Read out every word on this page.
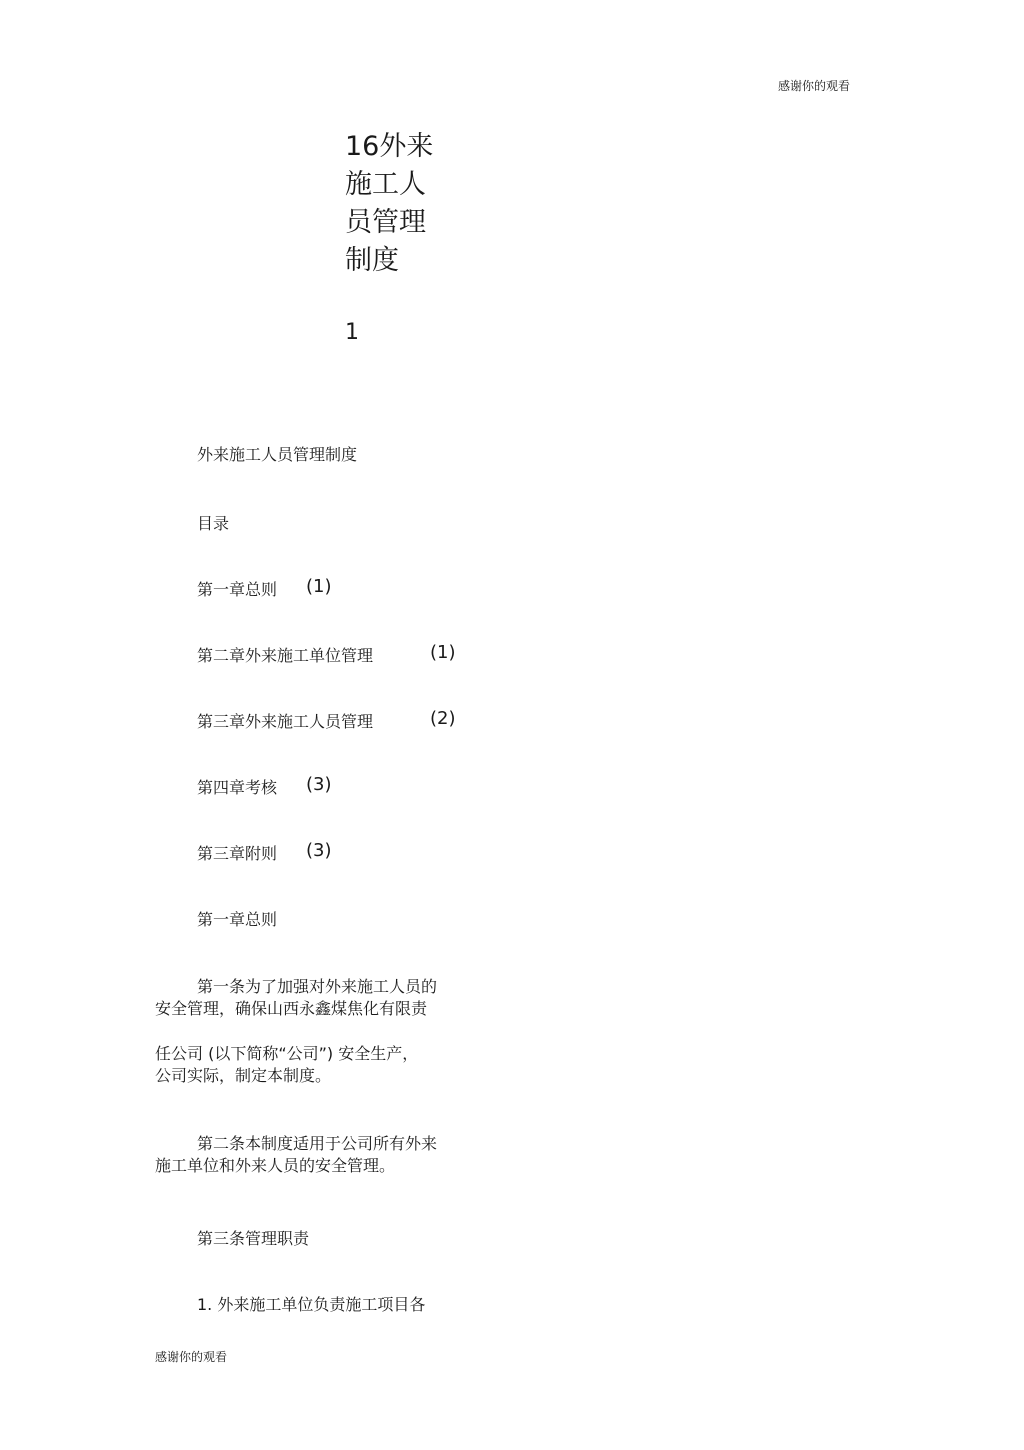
感谢你的观看
16外来施工人员管理制度
1
外来施工人员管理制度
目录
第一章总则 (1)
第二章外来施工单位管理	(1)
第三章外来施工人员管理	(2)
第四章考核 (3)
第三章附则 (3)
第一章总则
第一条为了加强对外来施工人员的
安全管理，确保山西永鑫煤焦化有限责
任公司 (以下简称“公司”) 安全生产，
公司实际，制定本制度。
第二条本制度适用于公司所有外来
施工单位和外来人员的安全管理。
第三条管理职责
1. 外来施工单位负责施工项目各
感谢你的观看
